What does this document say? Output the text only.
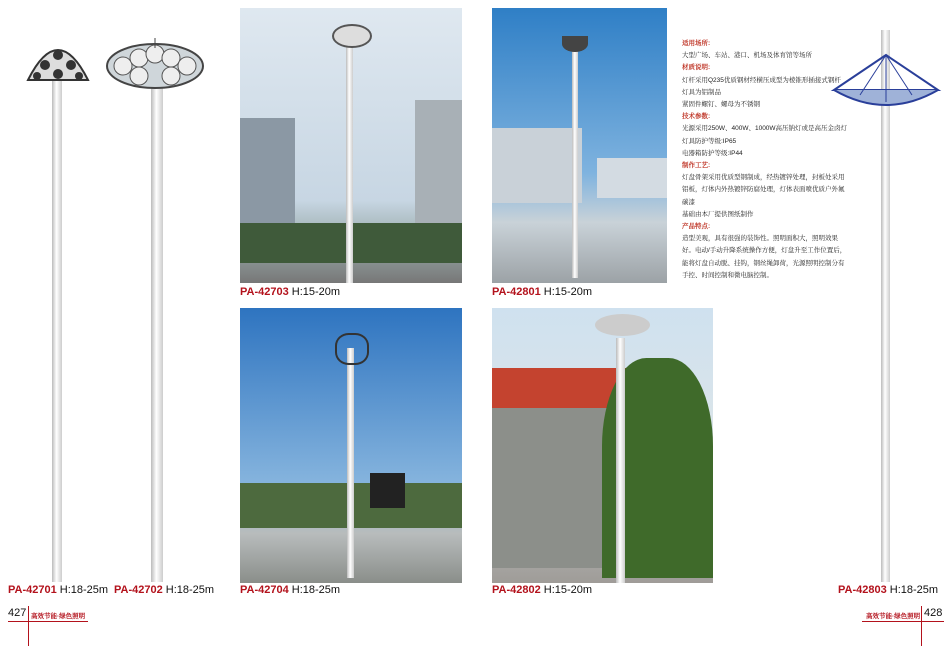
PA-42701 H:18-25m PA-42702 H:18-25m
PA-42703 H:15-20m	PA-42801 H:15-20m
PA-42704 H:18-25m	PA-42802 H:15-20m
适用场所:
大型广场、车站、港口、机场及体育馆等场所
材质说明:
灯杆采用Q235优质钢材经横压成型为棱锥形插接式钢杆
灯具为铝制品
紧固件螺钉、螺母为不锈钢
技术参数:
光源采用250W、400W、1000W高压钠灯或是高压金卤灯
灯具防护等级:IP65
电器箱防护等级:IP44
制作工艺:
灯盘骨架采用优质型钢制成，经热镀锌处理，封板处采用铝板，灯体内外热镀锌防腐处理，灯体表面喷优质户外氟碳漆
基础由本厂提供图纸制作
产品特点:
造型美观，具有很强的装饰性。照明面积大，照明效果好。电动/手动升降系统操作方便，灯盘升至工作位置后，能将灯盘自动脱、挂钩，钢丝绳卸荷，光源照明控制分有手控、时间控制和微电脑控制。
PA-42803 H:18-25m
427 高效节能·绿色照明	高效节能·绿色照明 428
